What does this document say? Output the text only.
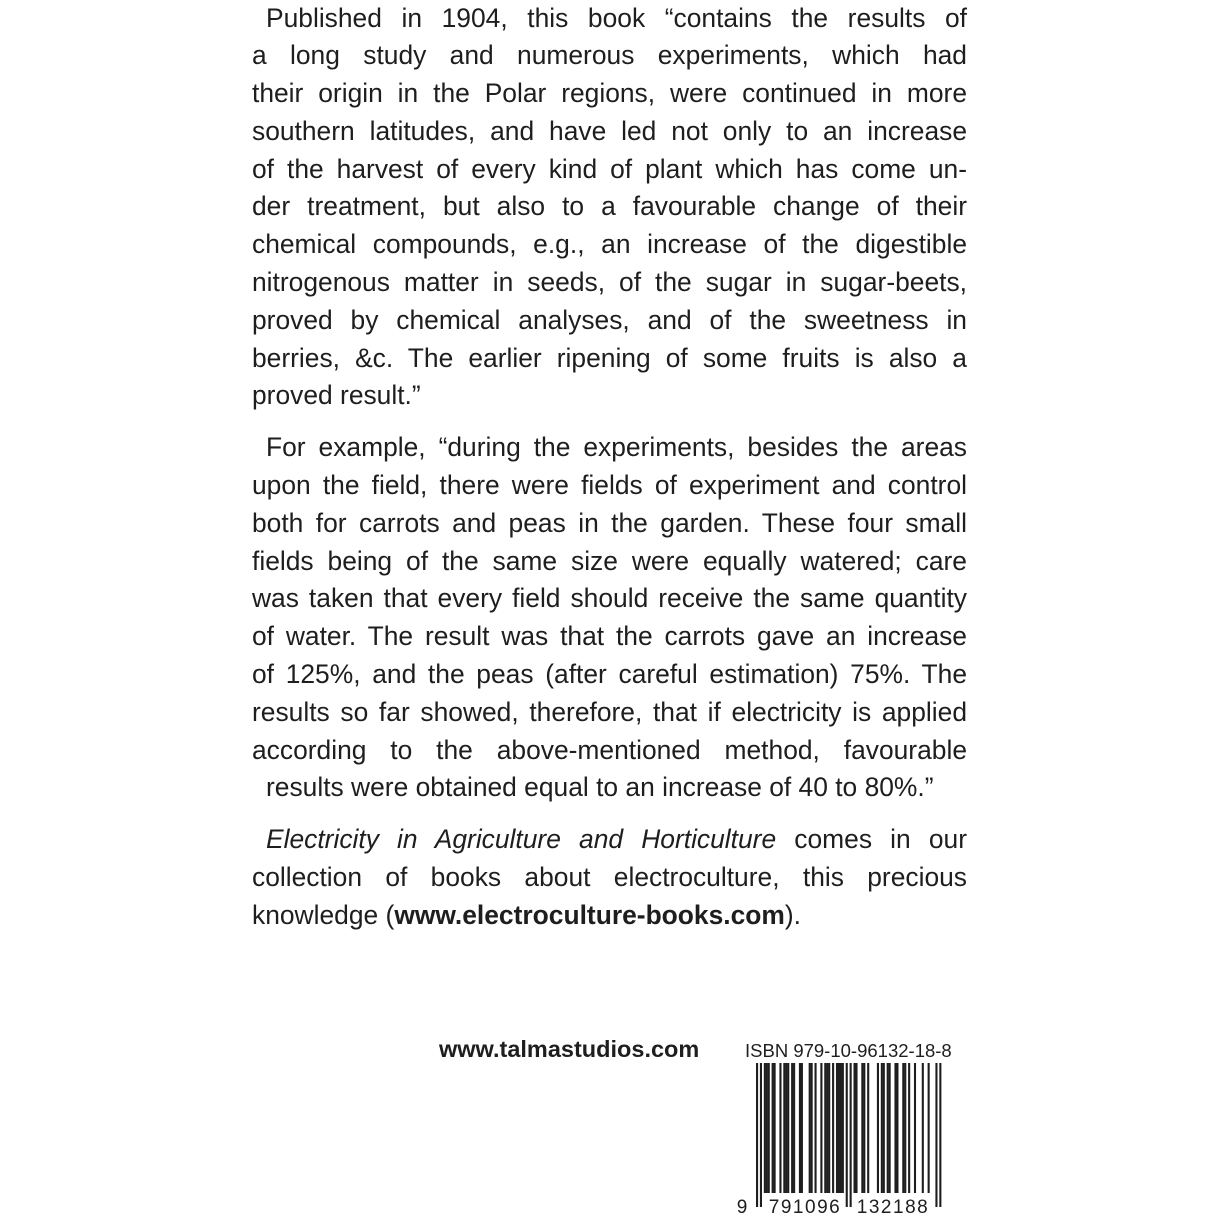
Published in 1904, this book “contains the results of
a long study and numerous experiments, which had
their origin in the Polar regions, were continued in more
southern latitudes, and have led not only to an increase
of the harvest of every kind of plant which has come un-
der treatment, but also to a favourable change of their
chemical compounds, e.g., an increase of the digestible
nitrogenous matter in seeds, of the sugar in sugar-beets,
proved by chemical analyses, and of the sweetness in
berries, &c. The earlier ripening of some fruits is also a
proved result.”

For example, “during the experiments, besides the areas
upon the field, there were fields of experiment and control
both for carrots and peas in the garden. These four small
fields being of the same size were equally watered; care
was taken that every field should receive the same quantity
of water. The result was that the carrots gave an increase
of 125%, and the peas (after careful estimation) 75%. The
results so far showed, therefore, that if electricity is applied
according to the above-mentioned method, favourable
results were obtained equal to an increase of 40 to 80%.”

Electricity in Agriculture and Horticulture comes in our
collection of books about electroculture, this precious
knowledge (www.electroculture-books.com).

www.talmastudios.com ISBN 979-10-96132-18-8
9 791096 132188
